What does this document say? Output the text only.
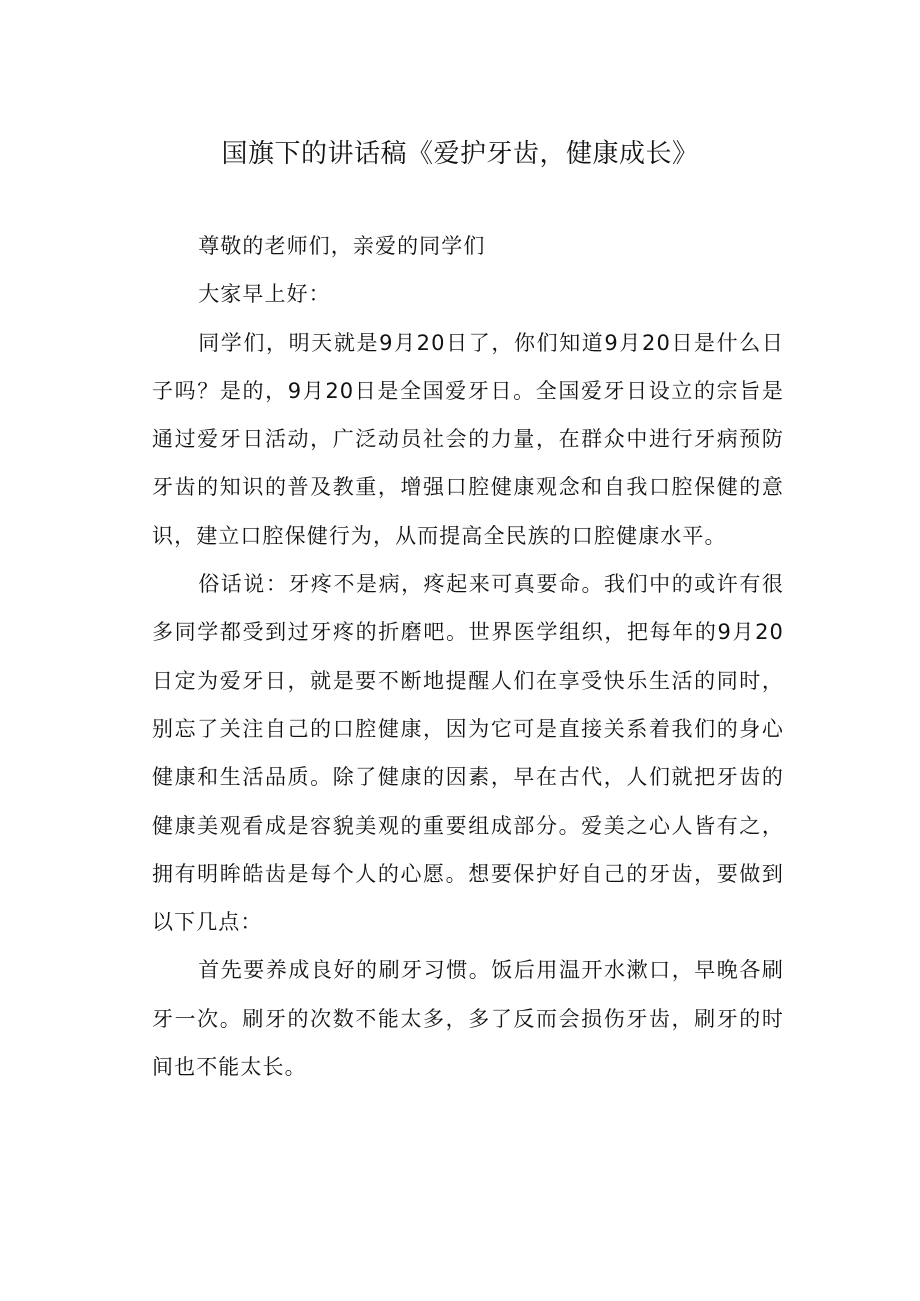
国旗下的讲话稿《爱护牙齿，健康成长》

尊敬的老师们，亲爱的同学们

大家早上好：

同学们，明天就是9月20日了，你们知道9月20日是什么日子吗？是的，9月20日是全国爱牙日。全国爱牙日设立的宗旨是通过爱牙日活动，广泛动员社会的力量，在群众中进行牙病预防牙齿的知识的普及教重，增强口腔健康观念和自我口腔保健的意识，建立口腔保健行为，从而提高全民族的口腔健康水平。

俗话说：牙疼不是病，疼起来可真要命。我们中的或许有很多同学都受到过牙疼的折磨吧。世界医学组织，把每年的9月20日定为爱牙日，就是要不断地提醒人们在享受快乐生活的同时，别忘了关注自己的口腔健康，因为它可是直接关系着我们的身心健康和生活品质。除了健康的因素，早在古代，人们就把牙齿的健康美观看成是容貌美观的重要组成部分。爱美之心人皆有之，拥有明眸皓齿是每个人的心愿。想要保护好自己的牙齿，要做到以下几点：

首先要养成良好的刷牙习惯。饭后用温开水漱口，早晚各刷牙一次。刷牙的次数不能太多，多了反而会损伤牙齿，刷牙的时间也不能太长。
